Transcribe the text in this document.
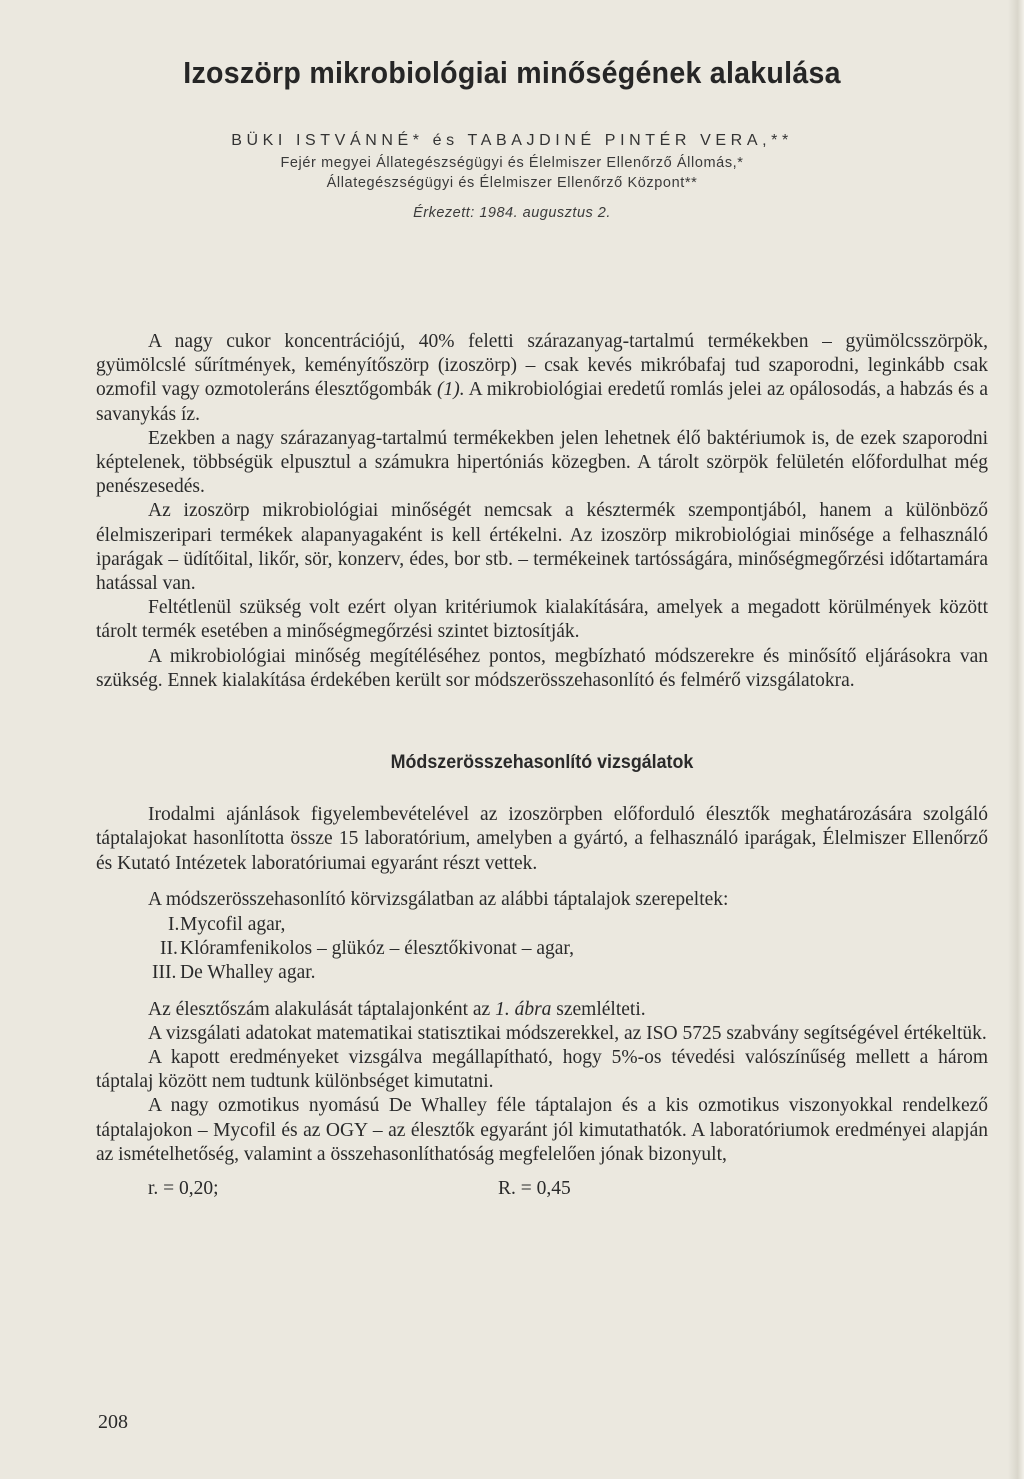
Izoszörp mikrobiológiai minőségének alakulása
BÜKI ISTVÁNNÉ* és TABAJDINÉ PINTÉR VERA,**
Fejér megyei Állategészségügyi és Élelmiszer Ellenőrző Állomás,*
Állategészségügyi és Élelmiszer Ellenőrző Központ**
Érkezett: 1984. augusztus 2.

A nagy cukor koncentrációjú, 40% feletti szárazanyag-tartalmú termékekben – gyümölcsszörpök, gyümölcslé sűrítmények, keményítőszörp (izoszörp) – csak kevés mikróbafaj tud szaporodni, leginkább csak ozmofil vagy ozmotoleráns élesztőgombák (1). A mikrobiológiai eredetű romlás jelei az opálosodás, a habzás és a savanykás íz.

Ezekben a nagy szárazanyag-tartalmú termékekben jelen lehetnek élő baktériumok is, de ezek szaporodni képtelenek, többségük elpusztul a számukra hipertóniás közegben. A tárolt szörpök felületén előfordulhat még penészesedés.

Az izoszörp mikrobiológiai minőségét nemcsak a késztermék szempontjából, hanem a különböző élelmiszeripari termékek alapanyagaként is kell értékelni. Az izoszörp mikrobiológiai minősége a felhasználó iparágak – üdítőital, likőr, sör, konzerv, édes, bor stb. – termékeinek tartósságára, minőségmegőrzési időtartamára hatással van.

Feltétlenül szükség volt ezért olyan kritériumok kialakítására, amelyek a megadott körülmények között tárolt termék esetében a minőségmegőrzési szintet biztosítják.

A mikrobiológiai minőség megítéléséhez pontos, megbízható módszerekre és minősítő eljárásokra van szükség. Ennek kialakítása érdekében került sor módszerösszehasonlító és felmérő vizsgálatokra.

Módszerösszehasonlító vizsgálatok

Irodalmi ajánlások figyelembevételével az izoszörpben előforduló élesztők meghatározására szolgáló táptalajokat hasonlította össze 15 laboratórium, amelyben a gyártó, a felhasználó iparágak, Élelmiszer Ellenőrző és Kutató Intézetek laboratóriumai egyaránt részt vettek.

A módszerösszehasonlító körvizsgálatban az alábbi táptalajok szerepeltek:

I.Mycofil agar,
II. Klóramfenikolos – glükóz – élesztőkivonat – agar,
III. De Whalley agar.

Az élesztőszám alakulását táptalajonként az 1. ábra szemlélteti.

A vizsgálati adatokat matematikai statisztikai módszerekkel, az ISO 5725 szabvány segítségével értékeltük.

A kapott eredményeket vizsgálva megállapítható, hogy 5%-os tévedési valószínűség mellett a három táptalaj között nem tudtunk különbséget kimutatni.

A nagy ozmotikus nyomású De Whalley féle táptalajon és a kis ozmotikus viszonyokkal rendelkező táptalajokon – Mycofil és az OGY – az élesztők egyaránt jól kimutathatók. A laboratóriumok eredményei alapján az ismételhetőség, valamint a összehasonlíthatóság megfelelően jónak bizonyult,

r. = 0,20;	R. = 0,45
208
